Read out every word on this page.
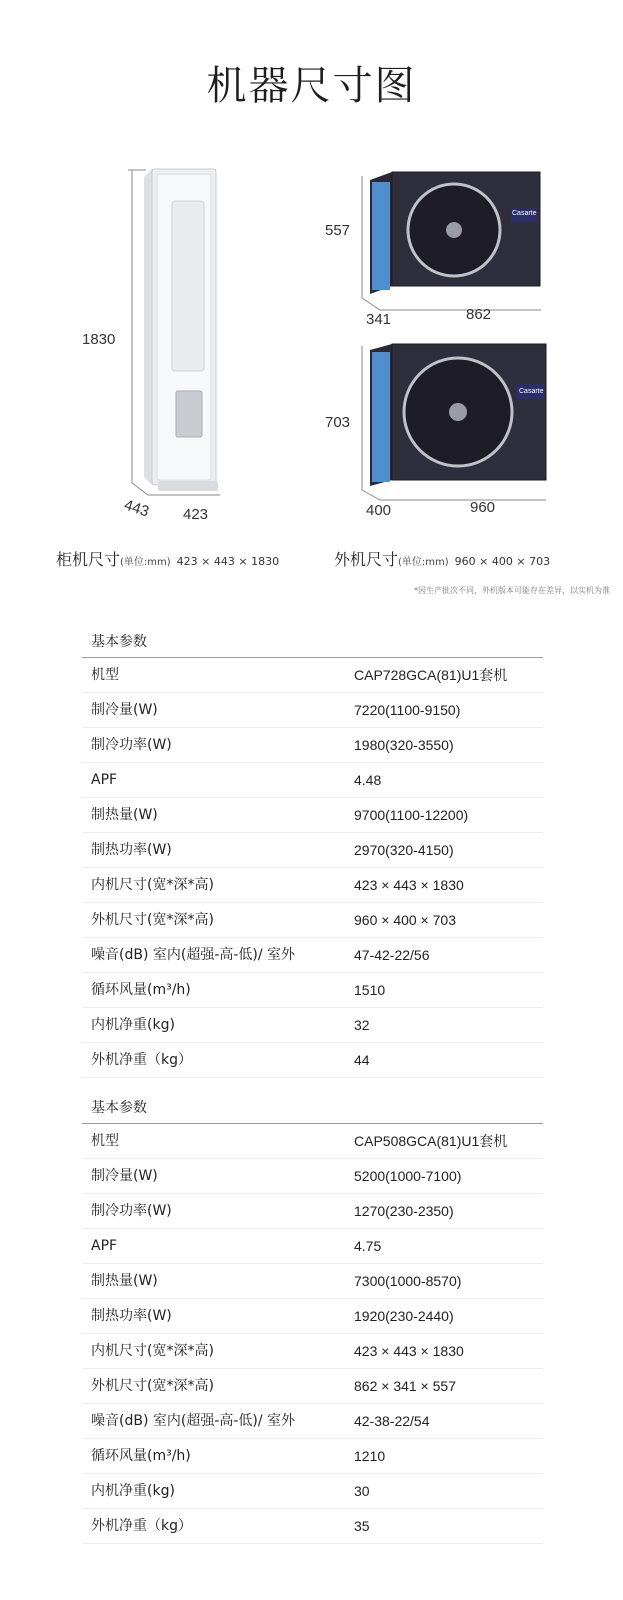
机器尺寸图
1830
443 423
Casarte
557
341	862
Casarte
703
400	960
柜机尺寸(单位:mm) 423 × 443 × 1830	外机尺寸(单位:mm) 960 × 400 × 703
*因生产批次不同，外机版本可能存在差异，以实机为准
基本参数
机型	CAP728GCA(81)U1套机
制冷量(W)	7220(1100-9150)
制冷功率(W)	1980(320-3550)
APF	4.48
制热量(W)	9700(1100-12200)
制热功率(W)	2970(320-4150)
内机尺寸(宽*深*高)	423 × 443 × 1830
外机尺寸(宽*深*高)	960 × 400 × 703
噪音(dB) 室内(超强-高-低)/ 室外	47-42-22/56
循环风量(m³/h)	1510
内机净重(kg)	32
外机净重（kg）	44
基本参数
机型	CAP508GCA(81)U1套机
制冷量(W)	5200(1000-7100)
制冷功率(W)	1270(230-2350)
APF	4.75
制热量(W)	7300(1000-8570)
制热功率(W)	1920(230-2440)
内机尺寸(宽*深*高)	423 × 443 × 1830
外机尺寸(宽*深*高)	862 × 341 × 557
噪音(dB) 室内(超强-高-低)/ 室外	42-38-22/54
循环风量(m³/h)	1210
内机净重(kg)	30
外机净重（kg）	35
